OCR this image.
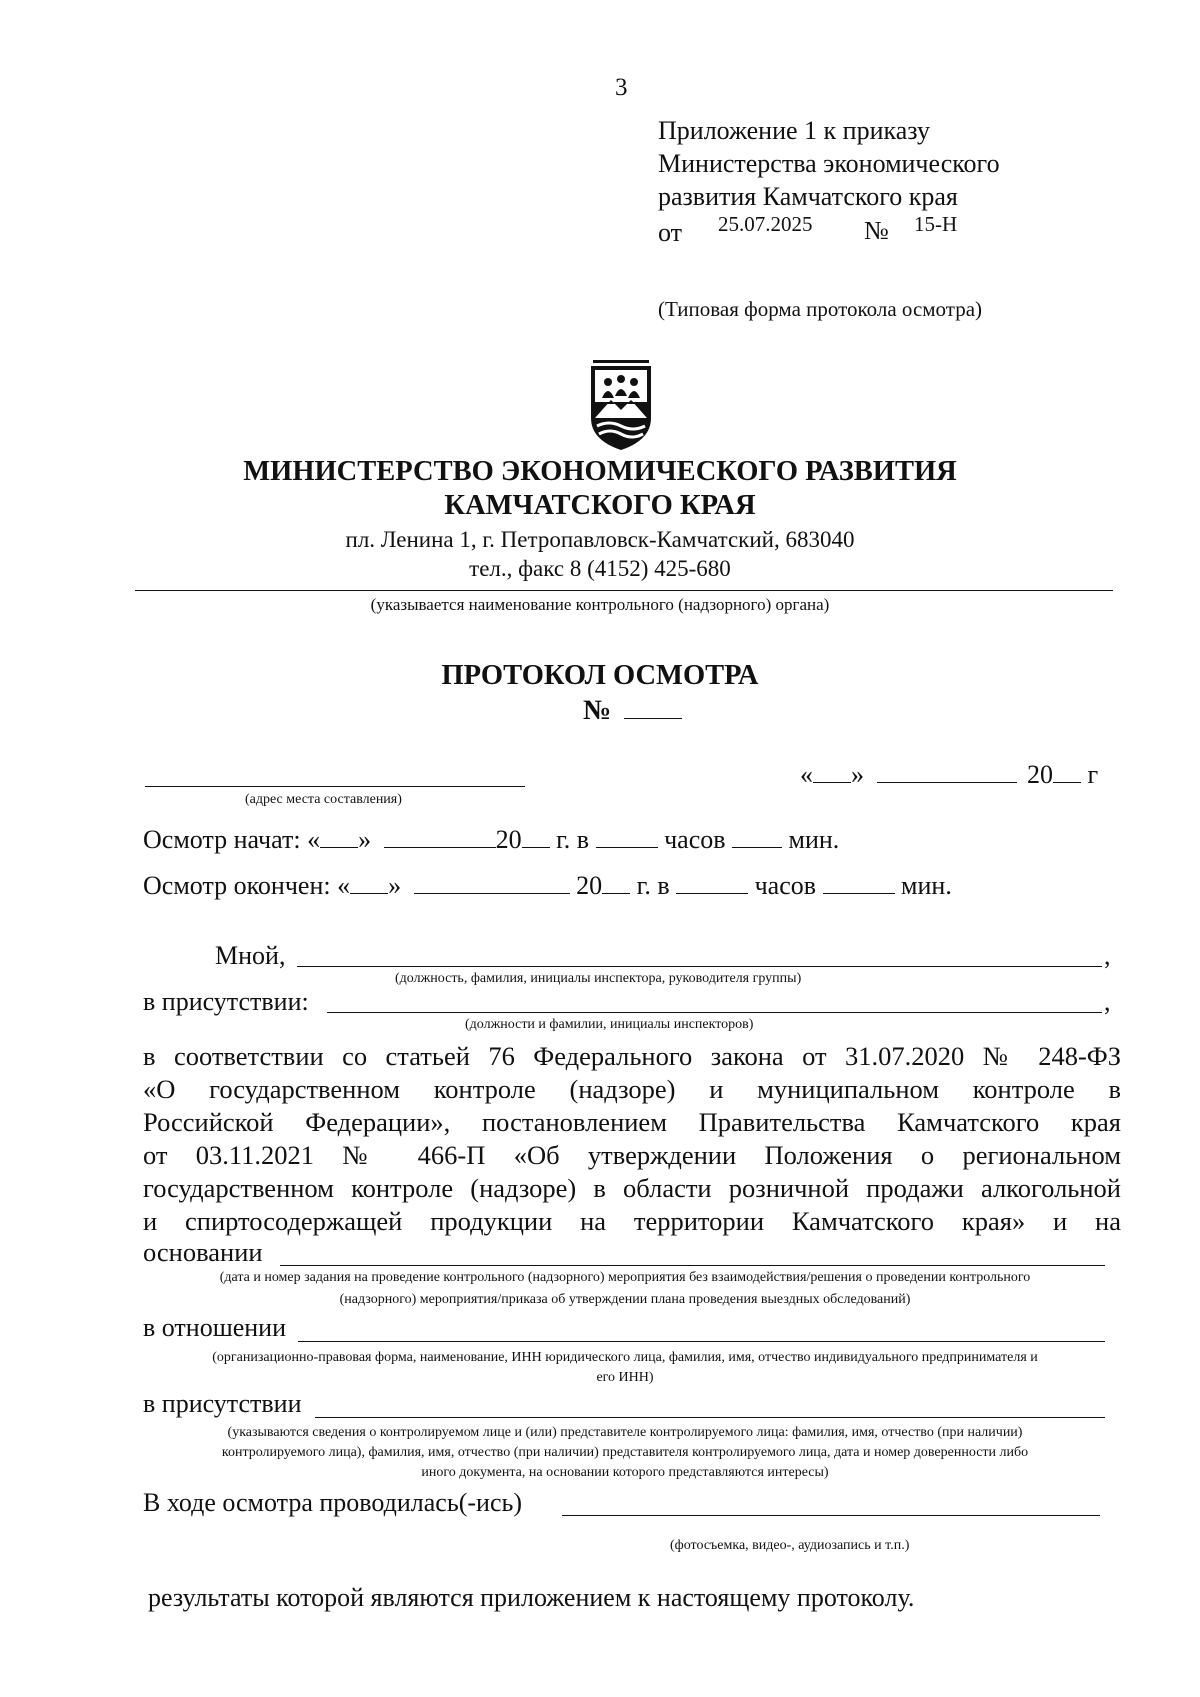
3
Приложение 1 к приказу
Министерства экономического
развития Камчатского края
от 25.07.2025 № 15-Н
(Типовая форма протокола осмотра)
МИНИСТЕРСТВО ЭКОНОМИЧЕСКОГО РАЗВИТИЯ
КАМЧАТСКОГО КРАЯ
пл. Ленина 1, г. Петропавловск-Камчатский, 683040
тел., факс 8 (4152) 425-680
(указывается наименование контрольного (надзорного) органа)
ПРОТОКОЛ ОСМОТРА
№
(адрес места составления)
« »	20 г
Осмотр начат: « »	20 г. в	часов мин.
Осмотр окончен: « »	20 г. в	часов	мин.
Мной,	,
(должность, фамилия, инициалы инспектора, руководителя группы)
в присутствии:	,
(должности и фамилии, инициалы инспекторов)
в соответствии со статьей 76 Федерального закона от 31.07.2020 № 248-ФЗ
«О государственном контроле (надзоре) и муниципальном контроле в
Российской Федерации», постановлением Правительства Камчатского края
от 03.11.2021 № 466-П «Об утверждении Положения о региональном
государственном контроле (надзоре) в области розничной продажи алкогольной
и спиртосодержащей продукции на территории Камчатского края» и на
основании
(дата и номер задания на проведение контрольного (надзорного) мероприятия без взаимодействия/решения о проведении контрольного
(надзорного) мероприятия/приказа об утверждении плана проведения выездных обследований)
в отношении
(организационно-правовая форма, наименование, ИНН юридического лица, фамилия, имя, отчество индивидуального предпринимателя и
его ИНН)
в присутствии
(указываются сведения о контролируемом лице и (или) представителе контролируемого лица: фамилия, имя, отчество (при наличии)
контролируемого лица), фамилия, имя, отчество (при наличии) представителя контролируемого лица, дата и номер доверенности либо
иного документа, на основании которого представляются интересы)
В ходе осмотра проводилась(-ись)
(фотосъемка, видео-, аудиозапись и т.п.)
результаты которой являются приложением к настоящему протоколу.
